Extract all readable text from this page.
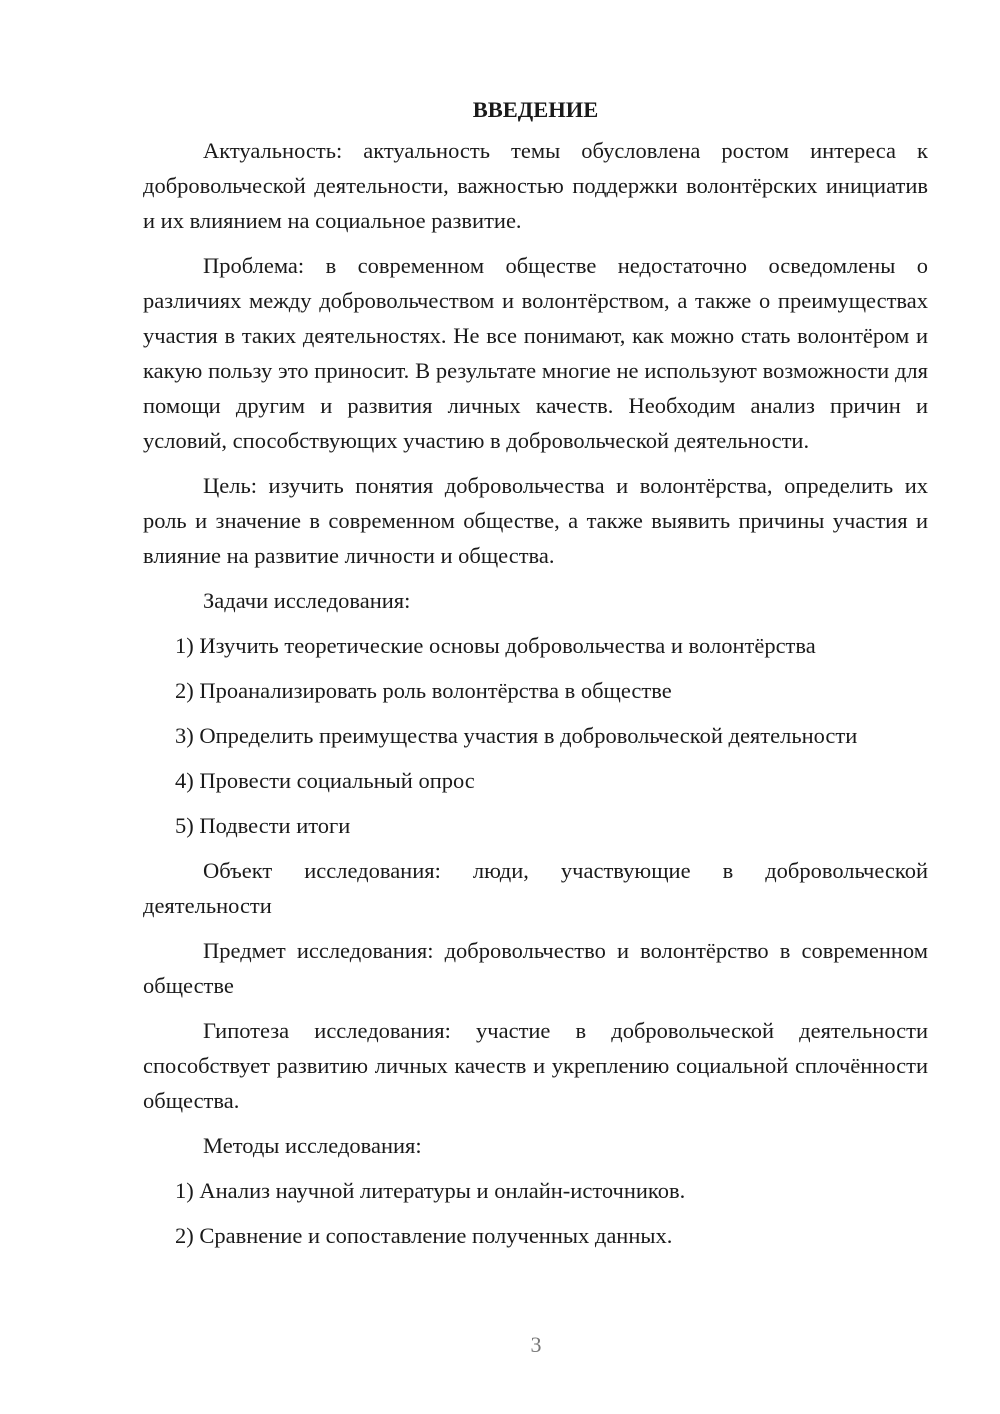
ВВЕДЕНИЕ

Актуальность: актуальность темы обусловлена ростом интереса к добровольческой деятельности, важностью поддержки волонтёрских инициатив и их влиянием на социальное развитие.

Проблема: в современном обществе недостаточно осведомлены о различиях между добровольчеством и волонтёрством, а также о преимуществах участия в таких деятельностях. Не все понимают, как можно стать волонтёром и какую пользу это приносит. В результате многие не используют возможности для помощи другим и развития личных качеств. Необходим анализ причин и условий, способствующих участию в добровольческой деятельности.

Цель: изучить понятия добровольчества и волонтёрства, определить их роль и значение в современном обществе, а также выявить причины участия и влияние на развитие личности и общества.

Задачи исследования:

1) Изучить теоретические основы добровольчества и волонтёрства

2) Проанализировать роль волонтёрства в обществе

3) Определить преимущества участия в добровольческой деятельности

4) Провести социальный опрос

5) Подвести итоги

Объект исследования: люди, участвующие в добровольческой деятельности

Предмет исследования: добровольчество и волонтёрство в современном обществе

Гипотеза исследования: участие в добровольческой деятельности способствует развитию личных качеств и укреплению социальной сплочённости общества.

Методы исследования:

1) Анализ научной литературы и онлайн-источников.

2) Сравнение и сопоставление полученных данных.

3
